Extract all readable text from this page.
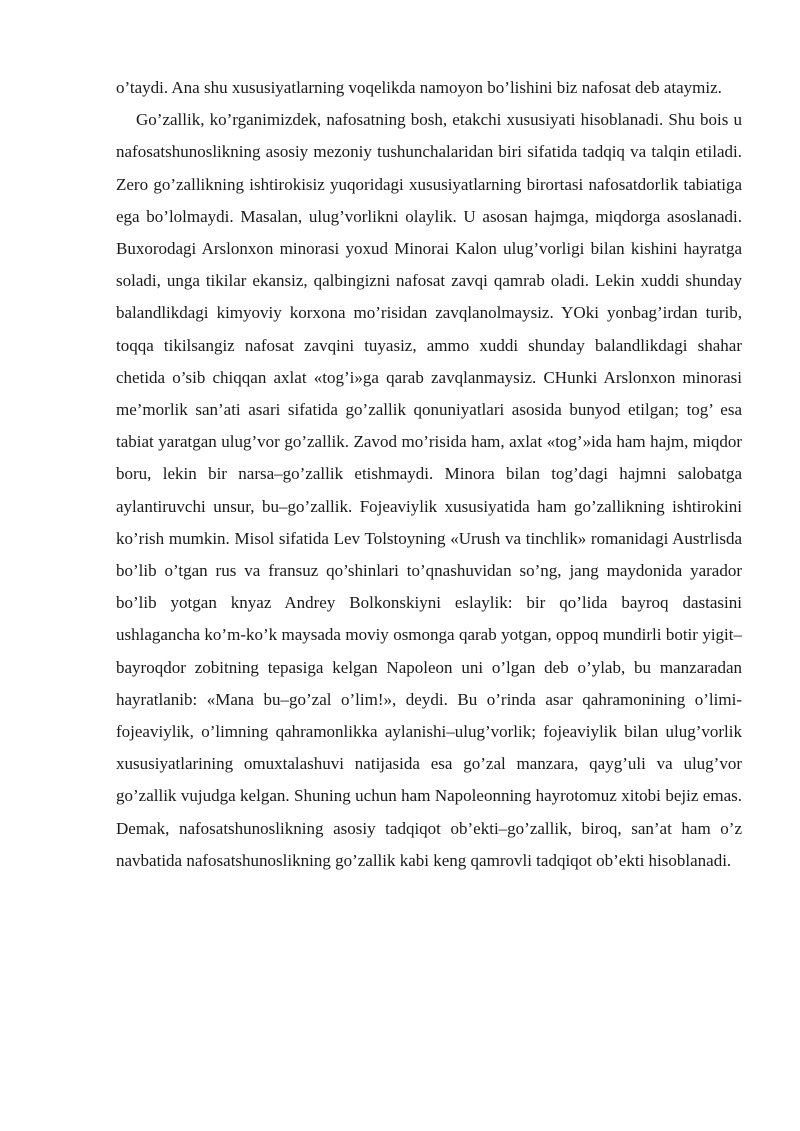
o’taydi. Ana shu xususiyatlarning voqelikda namoyon bo’lishini biz nafosat deb ataymiz.

Go’zallik, ko’rganimizdek, nafosatning bosh, etakchi xususiyati hisoblanadi. Shu bois u nafosatshunoslikning asosiy mezoniy tushunchalaridan biri sifatida tadqiq va talqin etiladi. Zero go’zallikning ishtirokisiz yuqoridagi xususiyatlarning birortasi nafosatdorlik tabiatiga ega bo’lolmaydi. Masalan, ulug’vorlikni olaylik. U asosan hajmga, miqdorga asoslanadi. Buxorodagi Arslonxon minorasi yoxud Minorai Kalon ulug’vorligi bilan kishini hayratga soladi, unga tikilar ekansiz, qalbingizni nafosat zavqi qamrab oladi. Lekin xuddi shunday balandlikdagi kimyoviy korxona mo’risidan zavqlanolmaysiz. YOki yonbag’irdan turib, toqqa tikilsangiz nafosat zavqini tuyasiz, ammo xuddi shunday balandlikdagi shahar chetida o’sib chiqqan axlat «tog’i»ga qarab zavqlanmaysiz. CHunki Arslonxon minorasi me’morlik san’ati asari sifatida go’zallik qonuniyatlari asosida bunyod etilgan; tog’ esa tabiat yaratgan ulug’vor go’zallik. Zavod mo’risida ham, axlat «tog’»ida ham hajm, miqdor boru, lekin bir narsa–go’zallik etishmaydi. Minora bilan tog’dagi hajmni salobatga aylantiruvchi unsur, bu–go’zallik. Fojeaviylik xususiyatida ham go’zallikning ishtirokini ko’rish mumkin. Misol sifatida Lev Tolstoyning «Urush va tinchlik» romanidagi Austrlisda bo’lib o’tgan rus va fransuz qo’shinlari to’qnashuvidan so’ng, jang maydonida yarador bo’lib yotgan knyaz Andrey Bolkonskiyni eslaylik: bir qo’lida bayroq dastasini ushlagancha ko’m-ko’k maysada moviy osmonga qarab yotgan, oppoq mundirli botir yigit–bayroqdor zobitning tepasiga kelgan Napoleon uni o’lgan deb o’ylab, bu manzaradan hayratlanib: «Mana bu–go’zal o’lim!», deydi. Bu o’rinda asar qahramonining o’limi- fojeaviylik, o’limning qahramonlikka aylanishi–ulug’vorlik; fojeaviylik bilan ulug’vorlik xususiyatlarining omuxtalashuvi natijasida esa go’zal manzara, qayg’uli va ulug’vor go’zallik vujudga kelgan. Shuning uchun ham Napoleonning hayrotomuz xitobi bejiz emas. Demak, nafosatshunoslikning asosiy tadqiqot ob’ekti–go’zallik, biroq, san’at ham o’z navbatida nafosatshunoslikning go’zallik kabi keng qamrovli tadqiqot ob’ekti hisoblanadi.
